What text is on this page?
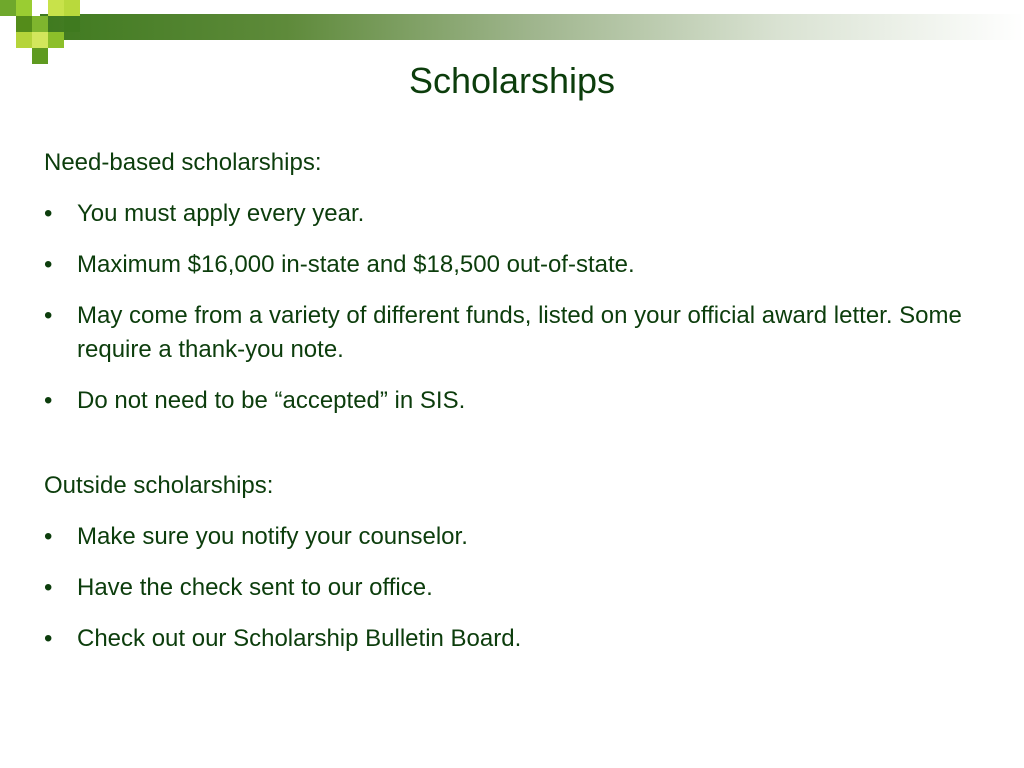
Scholarships

Need-based scholarships:

• You must apply every year.
• Maximum $16,000 in-state and $18,500 out-of-state.
• May come from a variety of different funds, listed on your official award letter. Some require a thank-you note.
• Do not need to be “accepted” in SIS.

Outside scholarships:

• Make sure you notify your counselor.
• Have the check sent to our office.
• Check out our Scholarship Bulletin Board.
